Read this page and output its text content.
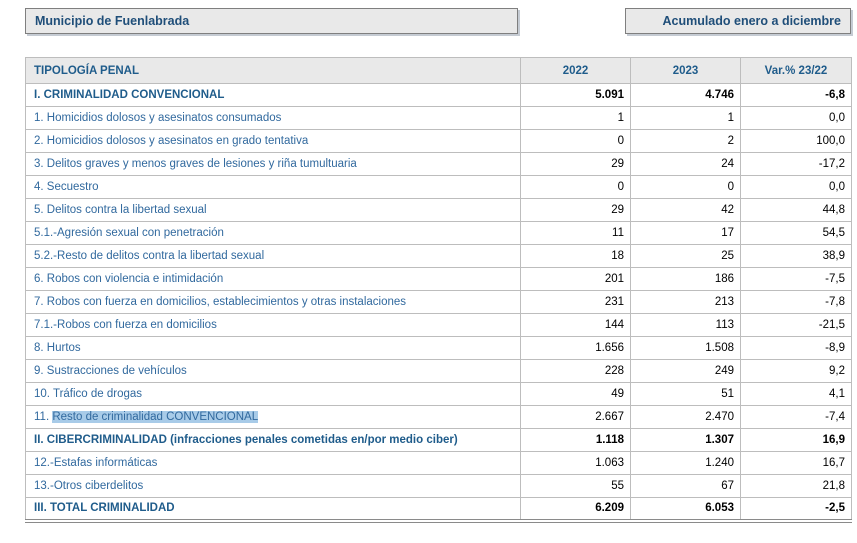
Municipio de Fuenlabrada	Acumulado enero a diciembre
TIPOLOGÍA PENAL	2022	2023	Var.% 23/22
I. CRIMINALIDAD CONVENCIONAL	5.091	4.746	-6,8
1. Homicidios dolosos y asesinatos consumados	1	1	0,0
2. Homicidios dolosos y asesinatos en grado tentativa	0	2	100,0
3. Delitos graves y menos graves de lesiones y riña tumultuaria	29	24	-17,2
4. Secuestro	0	0	0,0
5. Delitos contra la libertad sexual	29	42	44,8
5.1.-Agresión sexual con penetración	11	17	54,5
5.2.-Resto de delitos contra la libertad sexual	18	25	38,9
6. Robos con violencia e intimidación	201	186	-7,5
7. Robos con fuerza en domicilios, establecimientos y otras instalaciones	231	213	-7,8
7.1.-Robos con fuerza en domicilios	144	113	-21,5
8. Hurtos	1.656	1.508	-8,9
9. Sustracciones de vehículos	228	249	9,2
10. Tráfico de drogas	49	51	4,1
11. Resto de criminalidad CONVENCIONAL	2.667	2.470	-7,4
II. CIBERCRIMINALIDAD (infracciones penales cometidas en/por medio ciber)	1.118	1.307	16,9
12.-Estafas informáticas	1.063	1.240	16,7
13.-Otros ciberdelitos	55	67	21,8
III. TOTAL CRIMINALIDAD	6.209	6.053	-2,5
